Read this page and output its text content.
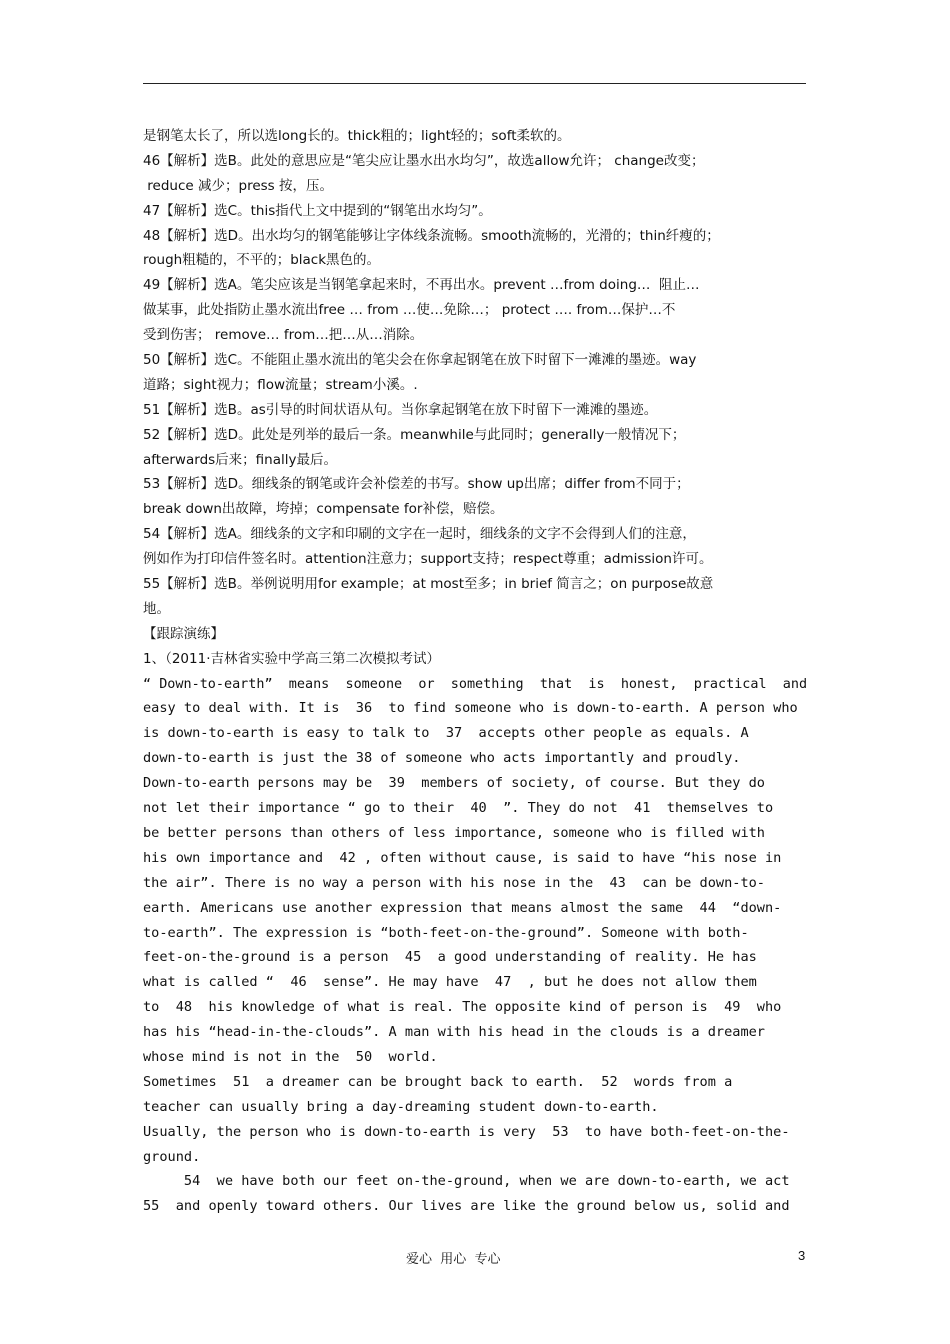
是钢笔太长了，所以选long长的。thick粗的；light轻的；soft柔软的。
46【解析】选B。此处的意思应是“笔尖应让墨水出水均匀”，故选allow允许； change改变；
reduce 减少；press 按，压。
47【解析】选C。this指代上文中提到的“钢笔出水均匀”。
48【解析】选D。出水均匀的钢笔能够让字体线条流畅。smooth流畅的，光滑的；thin纤瘦的；
rough粗糙的，不平的；black黑色的。
49【解析】选A。笔尖应该是当钢笔拿起来时，不再出水。prevent …from doing…  阻止…
做某事，此处指防止墨水流出free … from …使…免除…； protect …. from…保护…不
受到伤害； remove… from…把…从…消除。
50【解析】选C。不能阻止墨水流出的笔尖会在你拿起钢笔在放下时留下一滩滩的墨迹。way
道路；sight视力；flow流量；stream小溪。.
51【解析】选B。as引导的时间状语从句。当你拿起钢笔在放下时留下一滩滩的墨迹。
52【解析】选D。此处是列举的最后一条。meanwhile与此同时；generally一般情况下；
afterwards后来；finally最后。
53【解析】选D。细线条的钢笔或许会补偿差的书写。show up出席；differ from不同于；
break down出故障，垮掉；compensate for补偿，赔偿。
54【解析】选A。细线条的文字和印刷的文字在一起时，细线条的文字不会得到人们的注意，
例如作为打印信件签名时。attention注意力；support支持；respect尊重；admission许可。
55【解析】选B。举例说明用for example；at most至多；in brief 简言之；on purpose故意
地。
【跟踪演练】
1、（2011·吉林省实验中学高三第二次模拟考试）
“ Down-to-earth”  means  someone  or  something  that  is  honest,  practical  and
easy to deal with. It is  36  to find someone who is down-to-earth. A person who
is down-to-earth is easy to talk to  37  accepts other people as equals. A
down-to-earth is just the 38 of someone who acts importantly and proudly.
Down-to-earth persons may be  39  members of society, of course. But they do
not let their importance “ go to their  40  ”. They do not  41  themselves to
be better persons than others of less importance, someone who is filled with
his own importance and  42 , often without cause, is said to have “his nose in
the air”. There is no way a person with his nose in the  43  can be down-to-
earth. Americans use another expression that means almost the same  44  “down-
to-earth”. The expression is “both-feet-on-the-ground”. Someone with both-
feet-on-the-ground is a person  45  a good understanding of reality. He has
what is called “  46  sense”. He may have  47  , but he does not allow them
to  48  his knowledge of what is real. The opposite kind of person is  49  who
has his “head-in-the-clouds”. A man with his head in the clouds is a dreamer
whose mind is not in the  50  world.
Sometimes  51  a dreamer can be brought back to earth.  52  words from a
teacher can usually bring a day-dreaming student down-to-earth.
Usually, the person who is down-to-earth is very  53  to have both-feet-on-the-
ground.
54  we have both our feet on-the-ground, when we are down-to-earth, we act
55  and openly toward others. Our lives are like the ground below us, solid and
爱心  用心  专心	3
